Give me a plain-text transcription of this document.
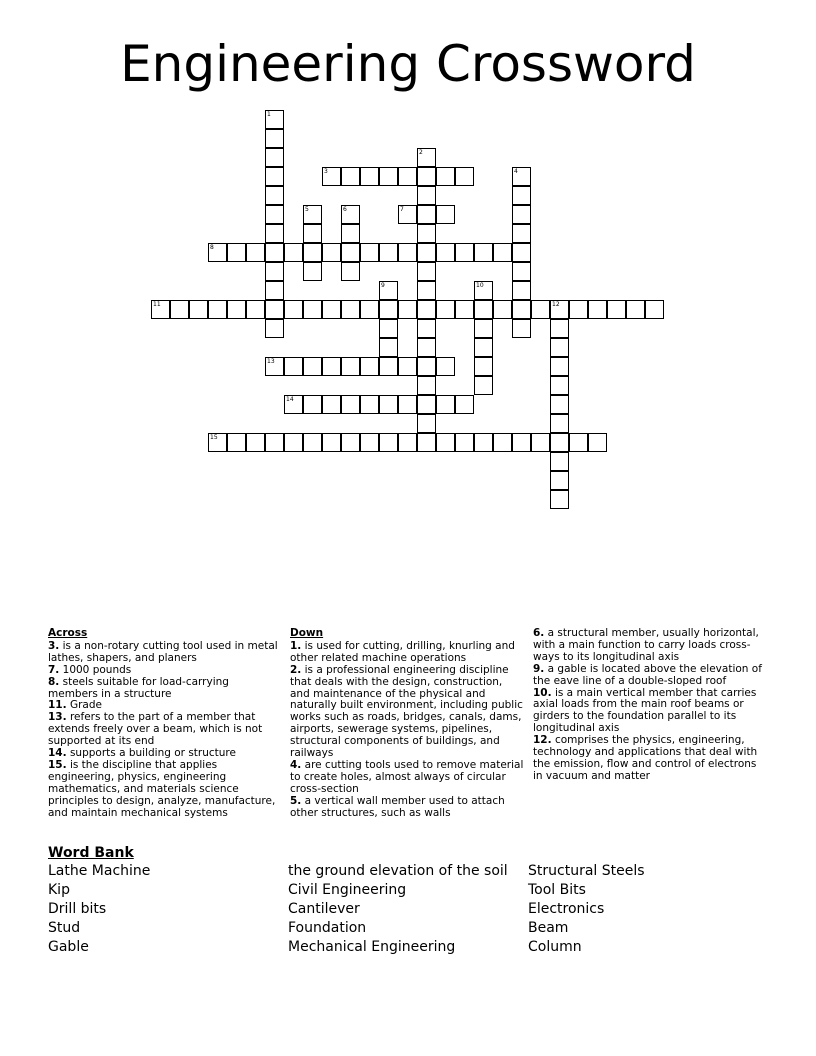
Engineering Crossword
1
2
3	4
5	6	7
8
9	10
11	12
13
14
15
Across
3. is a non-rotary cutting tool used in metal lathes, shapers, and planers
7. 1000 pounds
8. steels suitable for load-carrying members in a structure
11. Grade
13. refers to the part of a member that extends freely over a beam, which is not supported at its end
14. supports a building or structure
15. is the discipline that applies engineering, physics, engineering mathematics, and materials science principles to design, analyze, manufacture, and maintain mechanical systems
Down
1. is used for cutting, drilling, knurling and other related machine operations
2. is a professional engineering discipline that deals with the design, construction, and maintenance of the physical and naturally built environment, including public works such as roads, bridges, canals, dams, airports, sewerage systems, pipelines, structural components of buildings, and railways
4. are cutting tools used to remove material to create holes, almost always of circular cross-section
5. a vertical wall member used to attach other structures, such as walls
6. a structural member, usually horizontal, with a main function to carry loads cross-ways to its longitudinal axis
9. a gable is located above the elevation of the eave line of a double-sloped roof
10. is a main vertical member that carries axial loads from the main roof beams or girders to the foundation parallel to its longitudinal axis
12. comprises the physics, engineering, technology and applications that deal with the emission, flow and control of electrons in vacuum and matter
Word Bank
Lathe Machine
Kip
Drill bits
Stud
Gable
the ground elevation of the soil
Civil Engineering
Cantilever
Foundation
Mechanical Engineering
Structural Steels
Tool Bits
Electronics
Beam
Column
